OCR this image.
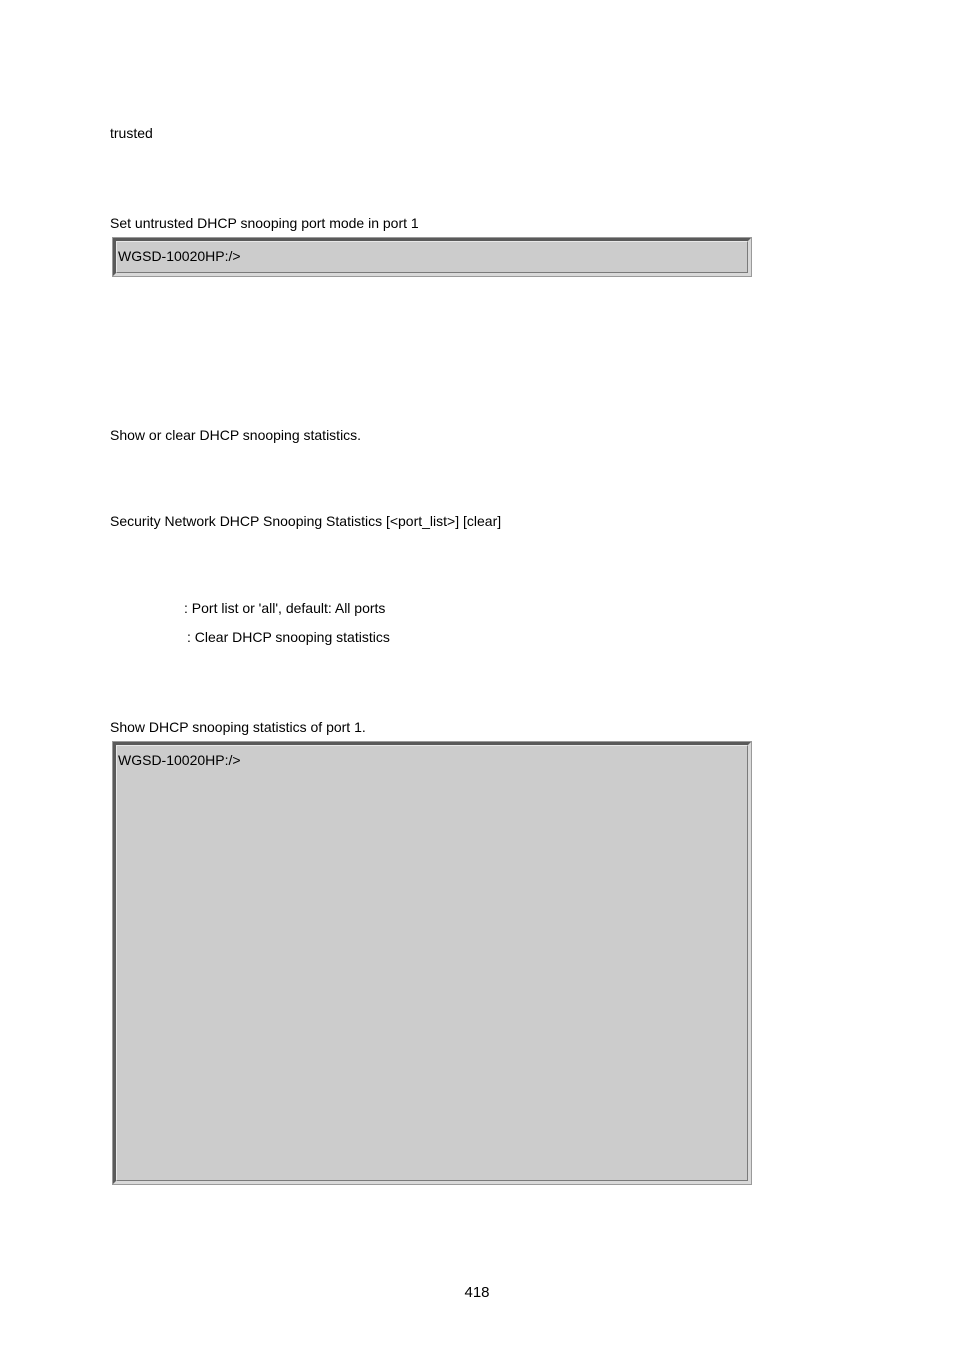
trusted
Set untrusted DHCP snooping port mode in port 1
WGSD-10020HP:/>
Show or clear DHCP snooping statistics.
Security Network DHCP Snooping Statistics [<port_list>] [clear]
: Port list or 'all', default: All ports
: Clear DHCP snooping statistics
Show DHCP snooping statistics of port 1.
WGSD-10020HP:/>
418
